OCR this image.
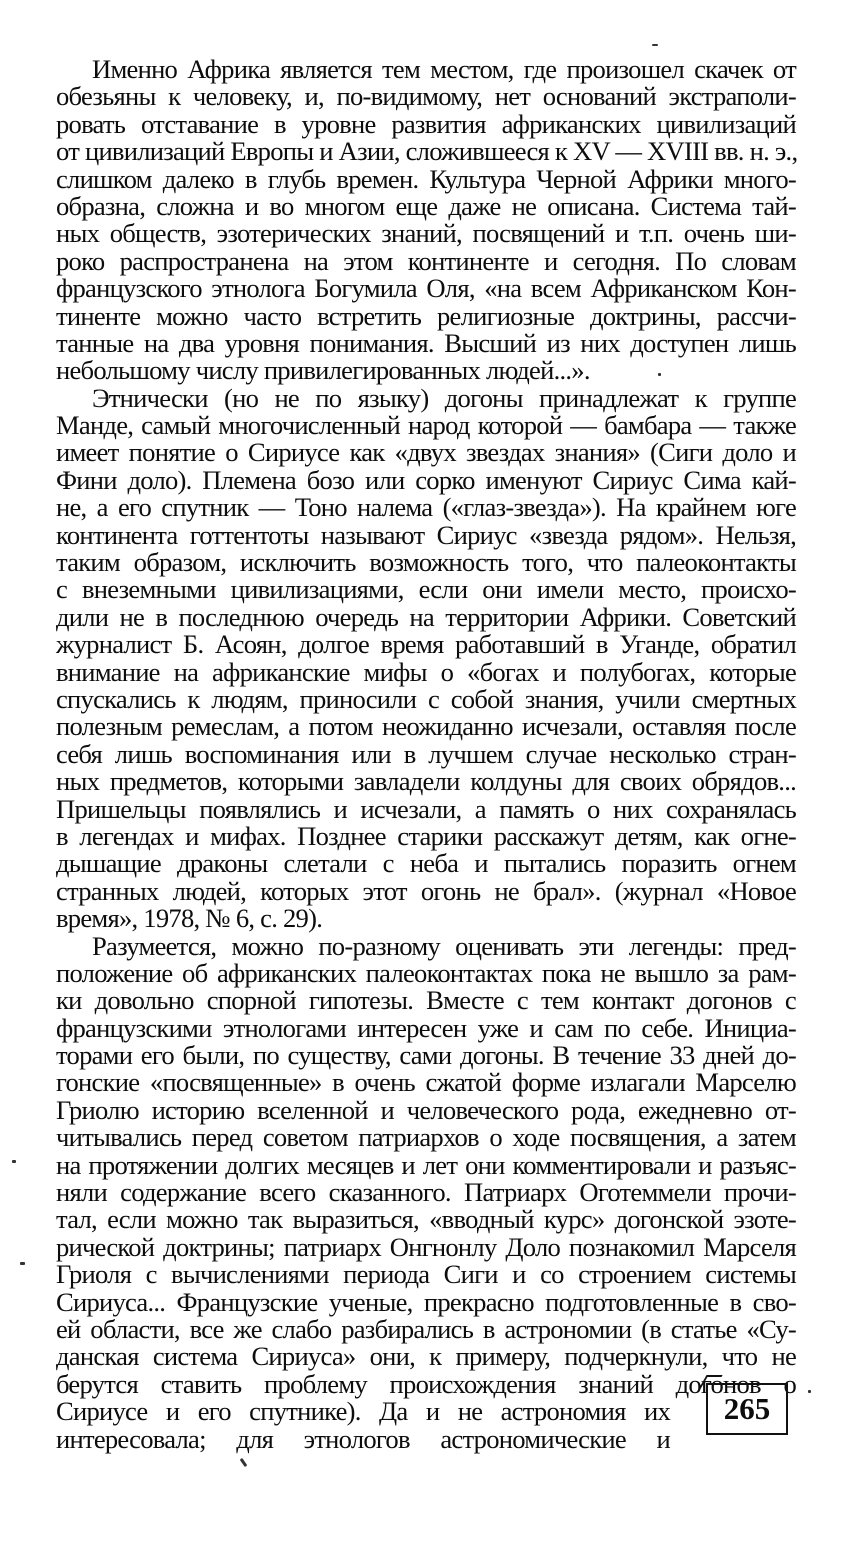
Именно Африка является тем местом, где произошел скачек от
обезьяны к человеку, и, по-видимому, нет оснований экстраполи-
ровать отставание в уровне развития африканских цивилизаций
от цивилизаций Европы и Азии, сложившееся к XV — XVIII вв. н. э.,
слишком далеко в глубь времен. Культура Черной Африки много-
образна, сложна и во многом еще даже не описана. Система тай-
ных обществ, эзотерических знаний, посвящений и т.п. очень ши-
роко распространена на этом континенте и сегодня. По словам
французского этнолога Богумила Оля, «на всем Африканском Кон-
тиненте можно часто встретить религиозные доктрины, рассчи-
танные на два уровня понимания. Высший из них доступен лишь
небольшому числу привилегированных людей...».
Этнически (но не по языку) догоны принадлежат к группе
Манде, самый многочисленный народ которой — бамбара — также
имеет понятие о Сириусе как «двух звездах знания» (Сиги доло и
Фини доло). Племена бозо или сорко именуют Сириус Сима кай-
не, а его спутник — Тоно налема («глаз-звезда»). На крайнем юге
континента готтентоты называют Сириус «звезда рядом». Нельзя,
таким образом, исключить возможность того, что палеоконтакты
с внеземными цивилизациями, если они имели место, происхо-
дили не в последнюю очередь на территории Африки. Советский
журналист Б. Асоян, долгое время работавший в Уганде, обратил
внимание на африканские мифы о «богах и полубогах, которые
спускались к людям, приносили с собой знания, учили смертных
полезным ремеслам, а потом неожиданно исчезали, оставляя после
себя лишь воспоминания или в лучшем случае несколько стран-
ных предметов, которыми завладели колдуны для своих обрядов...
Пришельцы появлялись и исчезали, а память о них сохранялась
в легендах и мифах. Позднее старики расскажут детям, как огне-
дышащие драконы слетали с неба и пытались поразить огнем
странных людей, которых этот огонь не брал». (журнал «Новое
время», 1978, № 6, с. 29).
Разумеется, можно по-разному оценивать эти легенды: пред-
положение об африканских палеоконтактах пока не вышло за рам-
ки довольно спорной гипотезы. Вместе с тем контакт догонов с
французскими этнологами интересен уже и сам по себе. Инициа-
торами его были, по существу, сами догоны. В течение 33 дней до-
гонские «посвященные» в очень сжатой форме излагали Марселю
Гриолю историю вселенной и человеческого рода, ежедневно от-
читывались перед советом патриархов о ходе посвящения, а затем
на протяжении долгих месяцев и лет они комментировали и разъяс-
няли содержание всего сказанного. Патриарх Оготеммели прочи-
тал, если можно так выразиться, «вводный курс» догонской эзоте-
рической доктрины; патриарх Онгнонлу Доло познакомил Марселя
Гриоля с вычислениями периода Сиги и со строением системы
Сириуса... Французские ученые, прекрасно подготовленные в сво-
ей области, все же слабо разбирались в астрономии (в статье «Су-
данская система Сириуса» они, к примеру, подчеркнули, что не
берутся ставить проблему происхождения знаний догонов о
Сириусе и его спутнике). Да и не астрономия их
интересовала; для этнологов астрономические и
265
